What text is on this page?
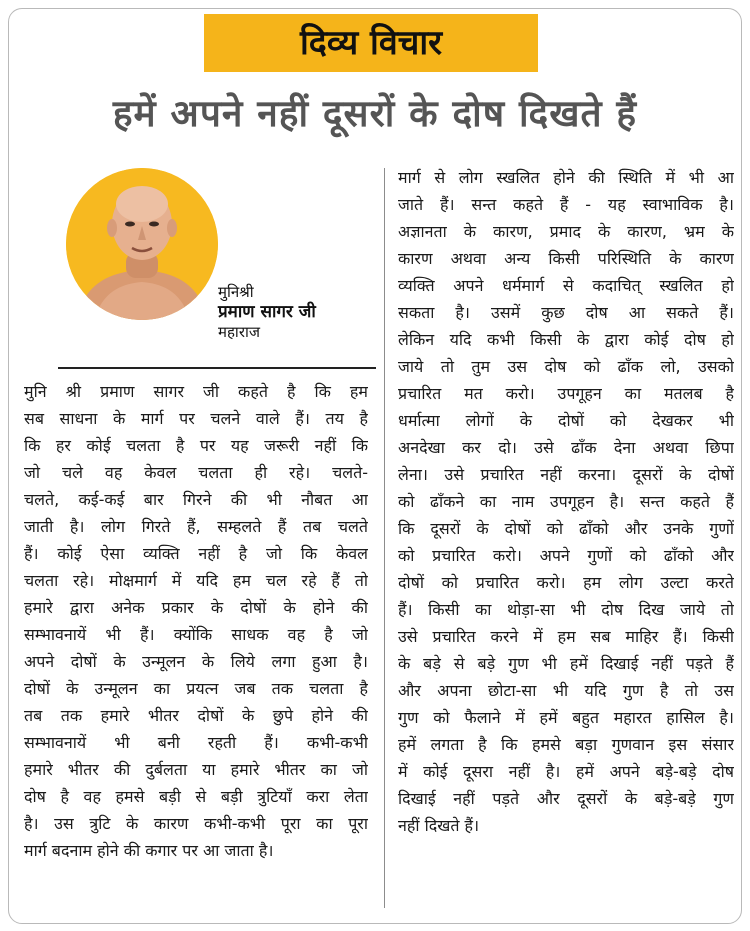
दिव्य विचार
हमें अपने नहीं दूसरों के दोष दिखते हैं
मुनिश्री
प्रमाण सागर जी
महाराज
मुनि श्री प्रमाण सागर जी कहते है कि हम
सब साधना के मार्ग पर चलने वाले हैं। तय है
कि हर कोई चलता है पर यह जरूरी नहीं कि
जो चले वह केवल चलता ही रहे। चलते-
चलते, कई-कई बार गिरने की भी नौबत आ
जाती है। लोग गिरते हैं, सम्हलते हैं तब चलते
हैं। कोई ऐसा व्यक्ति नहीं है जो कि केवल
चलता रहे। मोक्षमार्ग में यदि हम चल रहे हैं तो
हमारे द्वारा अनेक प्रकार के दोषों के होने की
सम्भावनायें भी हैं। क्योंकि साधक वह है जो
अपने दोषों के उन्मूलन के लिये लगा हुआ है।
दोषों के उन्मूलन का प्रयत्न जब तक चलता है
तब तक हमारे भीतर दोषों के छुपे होने की
सम्भावनायें भी बनी रहती हैं। कभी-कभी
हमारे भीतर की दुर्बलता या हमारे भीतर का जो
दोष है वह हमसे बड़ी से बड़ी त्रुटियाँ करा लेता
है। उस त्रुटि के कारण कभी-कभी पूरा का पूरा
मार्ग बदनाम होने की कगार पर आ जाता है।
मार्ग से लोग स्खलित होने की स्थिति में भी आ
जाते हैं। सन्त कहते हैं - यह स्वाभाविक है।
अज्ञानता के कारण, प्रमाद के कारण, भ्रम के
कारण अथवा अन्य किसी परिस्थिति के कारण
व्यक्ति अपने धर्ममार्ग से कदाचित् स्खलित हो
सकता है। उसमें कुछ दोष आ सकते हैं।
लेकिन यदि कभी किसी के द्वारा कोई दोष हो
जाये तो तुम उस दोष को ढाँक लो, उसको
प्रचारित मत करो। उपगूहन का मतलब है
धर्मात्मा लोगों के दोषों को देखकर भी
अनदेखा कर दो। उसे ढाँक देना अथवा छिपा
लेना। उसे प्रचारित नहीं करना। दूसरों के दोषों
को ढाँकने का नाम उपगूहन है। सन्त कहते हैं
कि दूसरों के दोषों को ढाँको और उनके गुणों
को प्रचारित करो। अपने गुणों को ढाँको और
दोषों को प्रचारित करो। हम लोग उल्टा करते
हैं। किसी का थोड़ा-सा भी दोष दिख जाये तो
उसे प्रचारित करने में हम सब माहिर हैं। किसी
के बड़े से बड़े गुण भी हमें दिखाई नहीं पड़ते हैं
और अपना छोटा-सा भी यदि गुण है तो उस
गुण को फैलाने में हमें बहुत महारत हासिल है।
हमें लगता है कि हमसे बड़ा गुणवान इस संसार
में कोई दूसरा नहीं है। हमें अपने बड़े-बड़े दोष
दिखाई नहीं पड़ते और दूसरों के बड़े-बड़े गुण
नहीं दिखते हैं।
